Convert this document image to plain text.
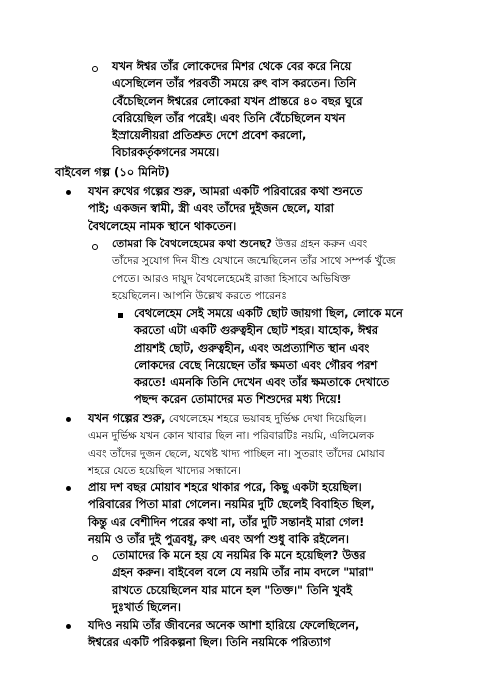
যখন ঈশ্বর তাঁর লোকেদের মিশর থেকে বের করে নিয়ে
এসেছিলেন তাঁর পরবর্তী সময়ে রুৎ বাস করতেন। তিনি
বেঁচেছিলেন ঈশ্বরের লোকেরা যখন প্রান্তরে ৪০ বছর ঘুরে
বেরিয়েছিল তাঁর পরেই। এবং তিনি বেঁচেছিলেন যখন
ইস্রায়েলীয়রা প্রতিশ্রুত দেশে প্রবেশ করলো,
বিচারকর্তৃকগনের সময়ে।
বাইবেল গল্প (১০ মিনিট)
যখন রুথের গল্পের শুরু, আমরা একটি পরিবারের কথা শুনতে
পাই; একজন স্বামী, স্ত্রী এবং তাঁদের দুইজন ছেলে, যারা
বৈথলেহেম নামক স্থানে থাকতেন।
তোমরা কি বৈথলেহেমের কথা শুনেছ? উত্তর গ্রহন করুন এবং
তাঁদের সুযোগ দিন যীশু যেখানে জন্মেছিলেন তাঁর সাথে সম্পর্ক খুঁজে
পেতে। আরও দায়ুদ বৈথলেহেমেই রাজা হিসাবে অভিষিক্ত
হয়েছিলেন। আপনি উল্লেখ করতে পারেনঃ
বেথলেহেম সেই সময়ে একটি ছোট জায়গা ছিল, লোকে মনে
করতো এটা একটি গুরুত্বহীন ছোট শহর। যাহোক, ঈশ্বর
প্রায়শই ছোট, গুরুত্বহীন, এবং অপ্রত্যাশিত স্থান এবং
লোকদের বেছে নিয়েছেন তাঁর ক্ষমতা এবং গৌরব পরশ
করতে! এমনকি তিনি দেখেন এবং তাঁর ক্ষমতাকে দেখাতে
পছন্দ করেন তোমাদের মত শিশুদের মধ্য দিয়ে!
যখন গল্পের শুরু, বেথলেহেম শহরে ভয়াবহ দুর্ভিক্ষ দেখা দিয়েছিল।
এমন দুর্ভিক্ষ যখন কোন খাবার ছিল না। পরিবারটিঃ নয়মি, এলিমেলক
এবং তাঁদের দুজন ছেলে, যথেষ্ট খাদ্য পাচ্ছিল না। সুতরাং তাঁদের মোয়াব
শহরে যেতে হয়েছিল খাদ্যের সন্ধানে।
প্রায় দশ বছর মোয়াব শহরে থাকার পরে, কিছু একটা হয়েছিল।
পরিবারের পিতা মারা গেলেন। নয়মির দুটি ছেলেই বিবাহিত ছিল,
কিন্তু এর বেশীদিন পরের কথা না, তাঁর দুটি সন্তানই মারা গেল!
নয়মি ও তাঁর দুই পুত্রবধূ, রুৎ এবং অর্পা শুধু বাকি রইলেন।
তোমাদের কি মনে হয় যে নয়মির কি মনে হয়েছিল? উত্তর
গ্রহন করুন। বাইবেল বলে যে নয়মি তাঁর নাম বদলে "মারা"
রাখতে চেয়েছিলেন যার মানে হল "তিক্ত।" তিনি খুবই
দুঃখার্ত ছিলেন।
যদিও নয়মি তাঁর জীবনের অনেক আশা হারিয়ে ফেলেছিলেন,
ঈশ্বরের একটি পরিকল্পনা ছিল। তিনি নয়মিকে পরিত্যাগ
